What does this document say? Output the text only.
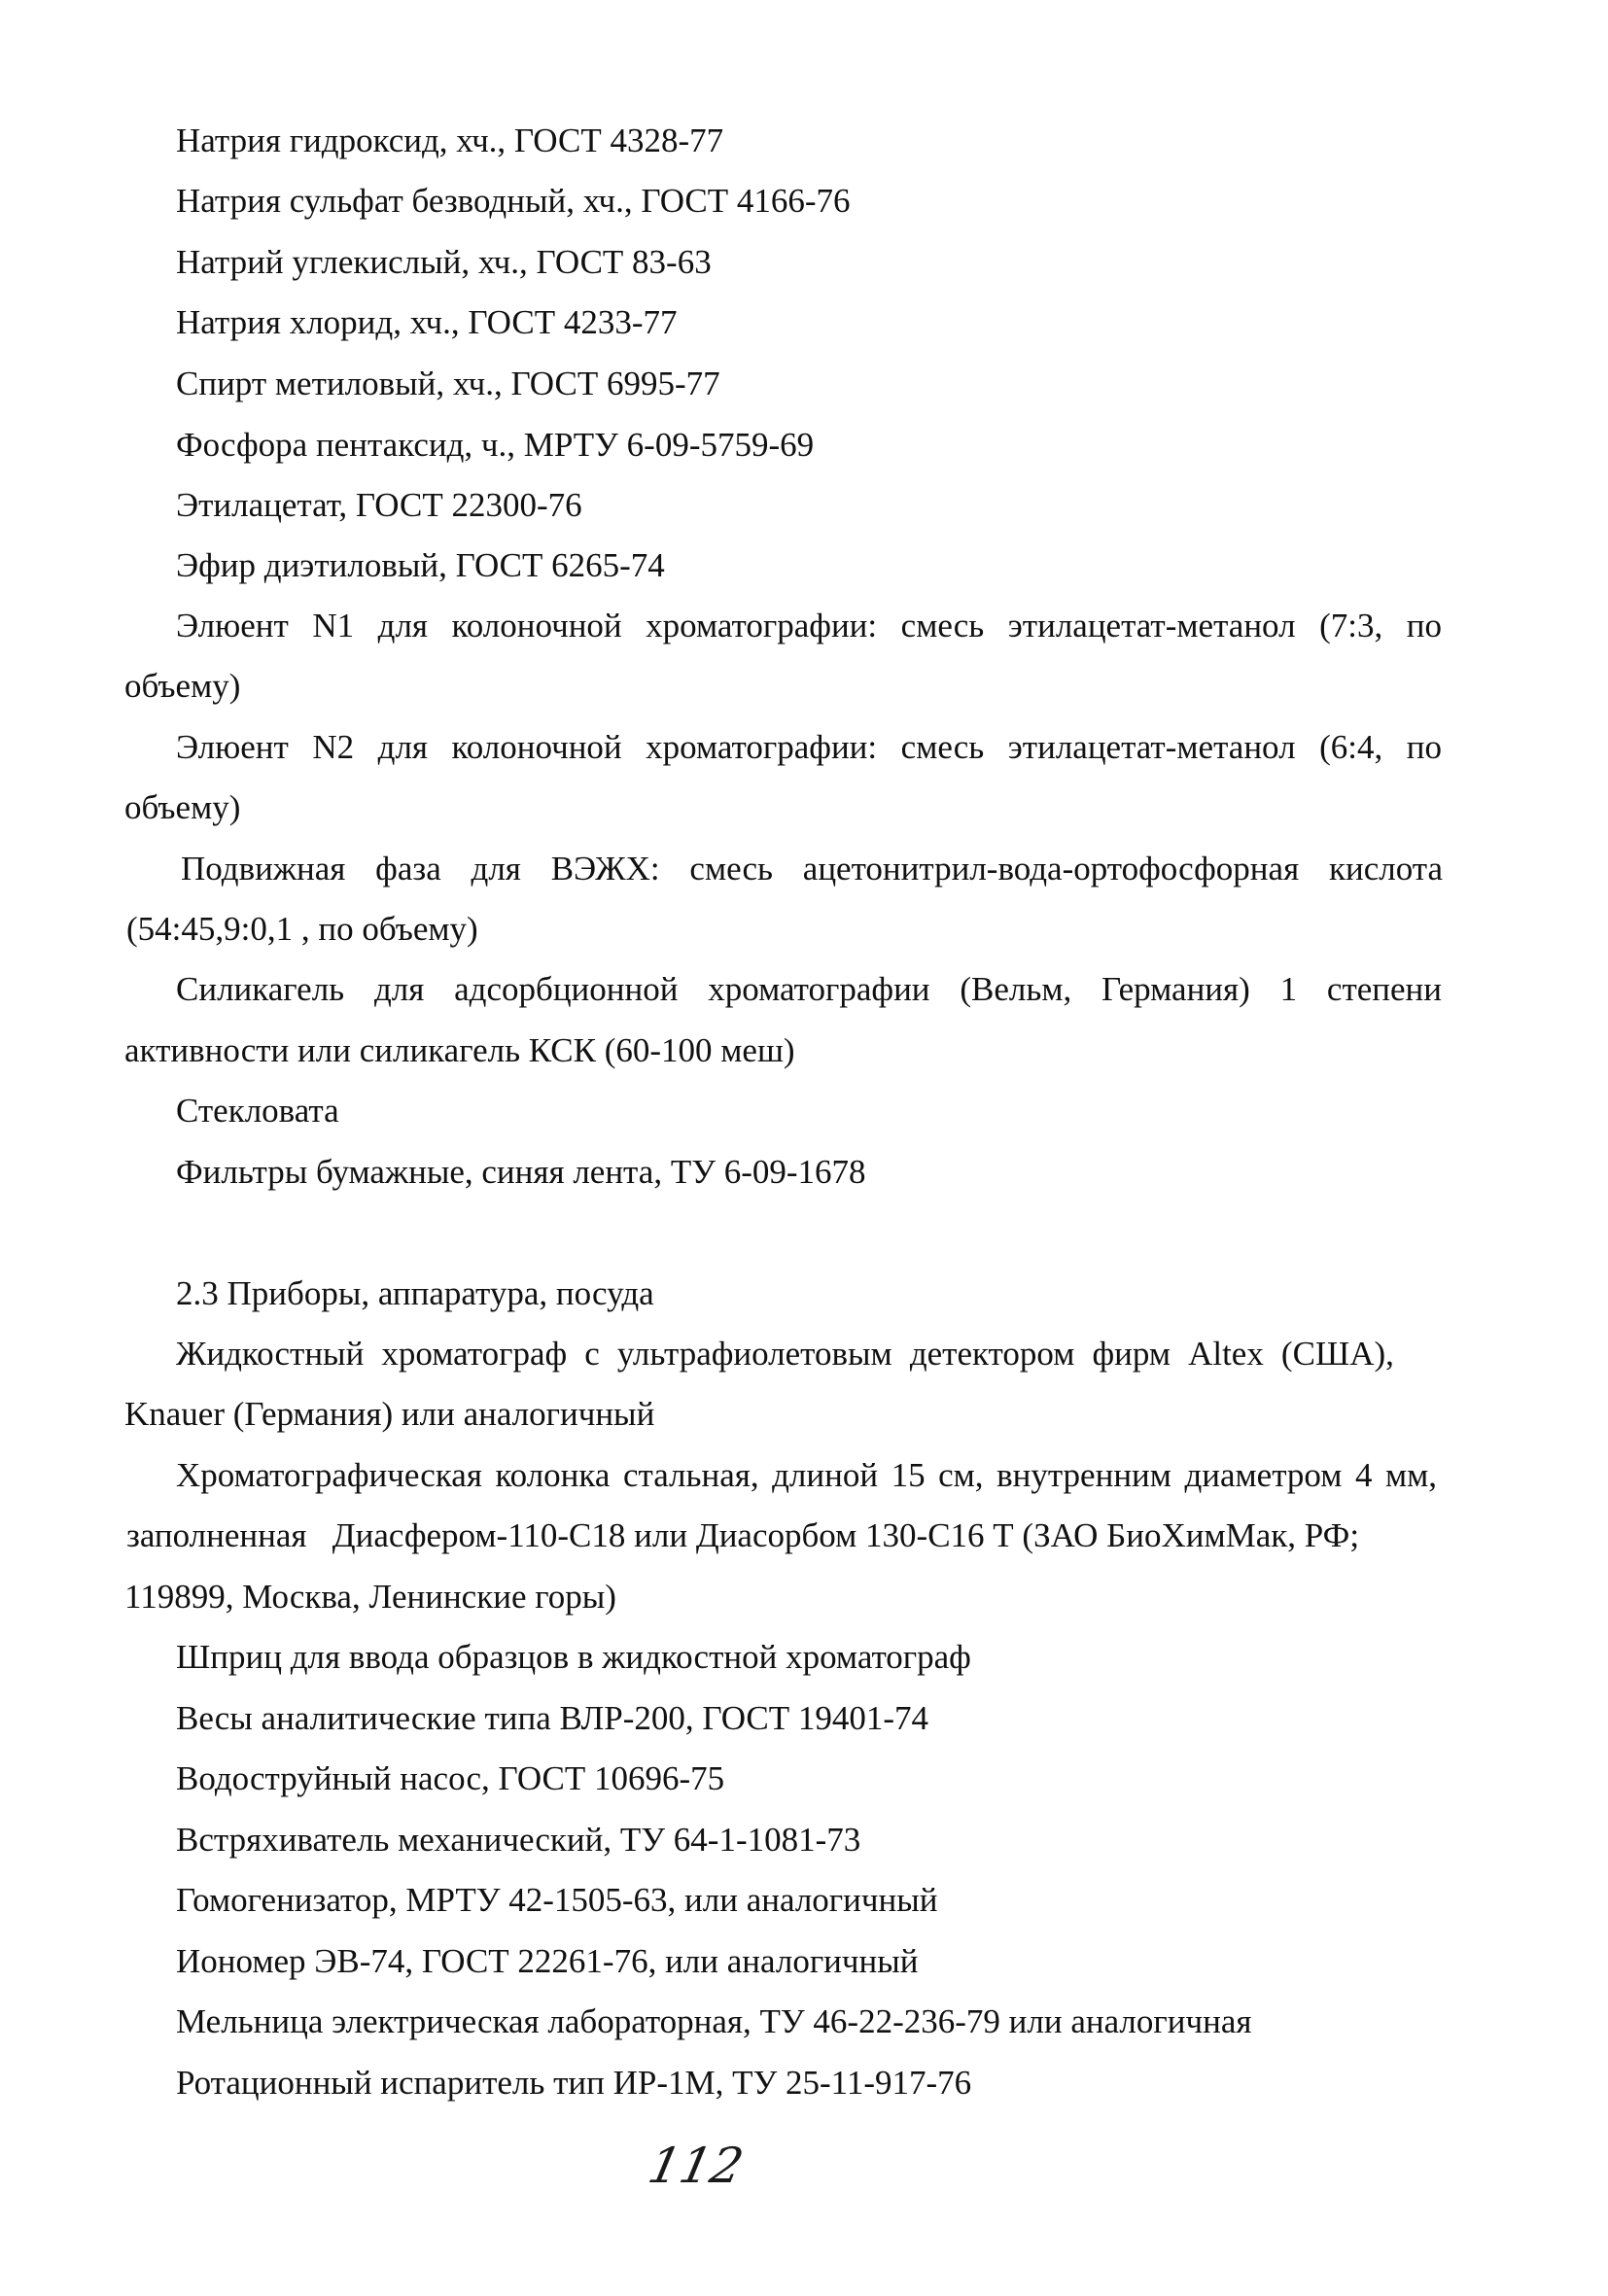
Натрия гидроксид, хч., ГОСТ 4328-77
Натрия сульфат безводный, хч., ГОСТ 4166-76
Натрий углекислый, хч., ГОСТ 83-63
Натрия хлорид, хч., ГОСТ 4233-77
Спирт метиловый, хч., ГОСТ 6995-77
Фосфора пентаксид, ч., МРТУ 6-09-5759-69
Этилацетат, ГОСТ 22300-76
Эфир диэтиловый, ГОСТ 6265-74
Элюент N1 для колоночной хроматографии: смесь этилацетат-метанол (7:3, по
объему)
Элюент N2 для колоночной хроматографии: смесь этилацетат-метанол (6:4, по
объему)
Подвижная фаза для ВЭЖХ: смесь ацетонитрил-вода-ортофосфорная кислота
(54:45,9:0,1 , по объему)
Силикагель для адсорбционной хроматографии (Вельм, Германия) 1 степени
активности или силикагель КСК (60-100 меш)
Стекловата
Фильтры бумажные, синяя лента, ТУ 6-09-1678
2.3 Приборы, аппаратура, посуда
Жидкостный хроматограф с ультрафиолетовым детектором фирм Altex (США),
Knauer (Германия) или аналогичный
Хроматографическая колонка стальная, длиной 15 см, внутренним диаметром 4 мм,
заполненная   Диасфером-110-С18 или Диасорбом 130-С16 Т (ЗАО БиоХимМак, РФ;
119899, Москва, Ленинские горы)
Шприц для ввода образцов в жидкостной хроматограф
Весы аналитические типа ВЛР-200, ГОСТ 19401-74
Водоструйный насос, ГОСТ 10696-75
Встряхиватель механический, ТУ 64-1-1081-73
Гомогенизатор, МРТУ 42-1505-63, или аналогичный
Иономер ЭВ-74, ГОСТ 22261-76, или аналогичный
Мельница электрическая лабораторная, ТУ 46-22-236-79 или аналогичная
Ротационный испаритель тип ИР-1М, ТУ 25-11-917-76
112
